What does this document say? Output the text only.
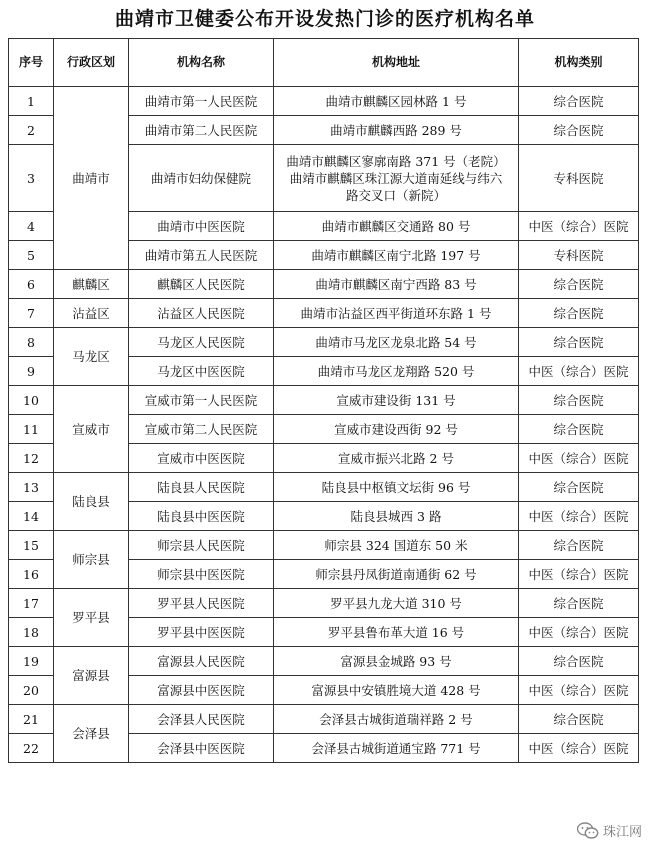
曲靖市卫健委公布开设发热门诊的医疗机构名单
序号	行政区划	机构名称	机构地址	机构类别
1	曲靖市	曲靖市第一人民医院	曲靖市麒麟区园林路 1 号	综合医院
2		曲靖市第二人民医院	曲靖市麒麟西路 289 号	综合医院
3		曲靖市妇幼保健院	曲靖市麒麟区寥廓南路 371 号（老院）
曲靖市麒麟区珠江源大道南延线与纬六
路交叉口（新院）	专科医院
4		曲靖市中医医院	曲靖市麒麟区交通路 80 号	中医（综合）医院
5		曲靖市第五人民医院	曲靖市麒麟区南宁北路 197 号	专科医院
6	麒麟区	麒麟区人民医院	曲靖市麒麟区南宁西路 83 号	综合医院
7	沾益区	沾益区人民医院	曲靖市沾益区西平街道环东路 1 号	综合医院
8	马龙区	马龙区人民医院	曲靖市马龙区龙泉北路 54 号	综合医院
9		马龙区中医医院	曲靖市马龙区龙翔路 520 号	中医（综合）医院
10	宣威市	宣威市第一人民医院	宣威市建设街 131 号	综合医院
11		宣威市第二人民医院	宣威市建设西街 92 号	综合医院
12		宣威市中医医院	宣威市振兴北路 2 号	中医（综合）医院
13	陆良县	陆良县人民医院	陆良县中枢镇文坛街 96 号	综合医院
14		陆良县中医医院	陆良县城西 3 路	中医（综合）医院
15	师宗县	师宗县人民医院	师宗县 324 国道东 50 米	综合医院
16		师宗县中医医院	师宗县丹凤街道南通街 62 号	中医（综合）医院
17	罗平县	罗平县人民医院	罗平县九龙大道 310 号	综合医院
18		罗平县中医医院	罗平县鲁布革大道 16 号	中医（综合）医院
19	富源县	富源县人民医院	富源县金城路 93 号	综合医院
20		富源县中医医院	富源县中安镇胜境大道 428 号	中医（综合）医院
21	会泽县	会泽县人民医院	会泽县古城街道瑞祥路 2 号	综合医院
22		会泽县中医医院	会泽县古城街道通宝路 771 号	中医（综合）医院
珠江网
